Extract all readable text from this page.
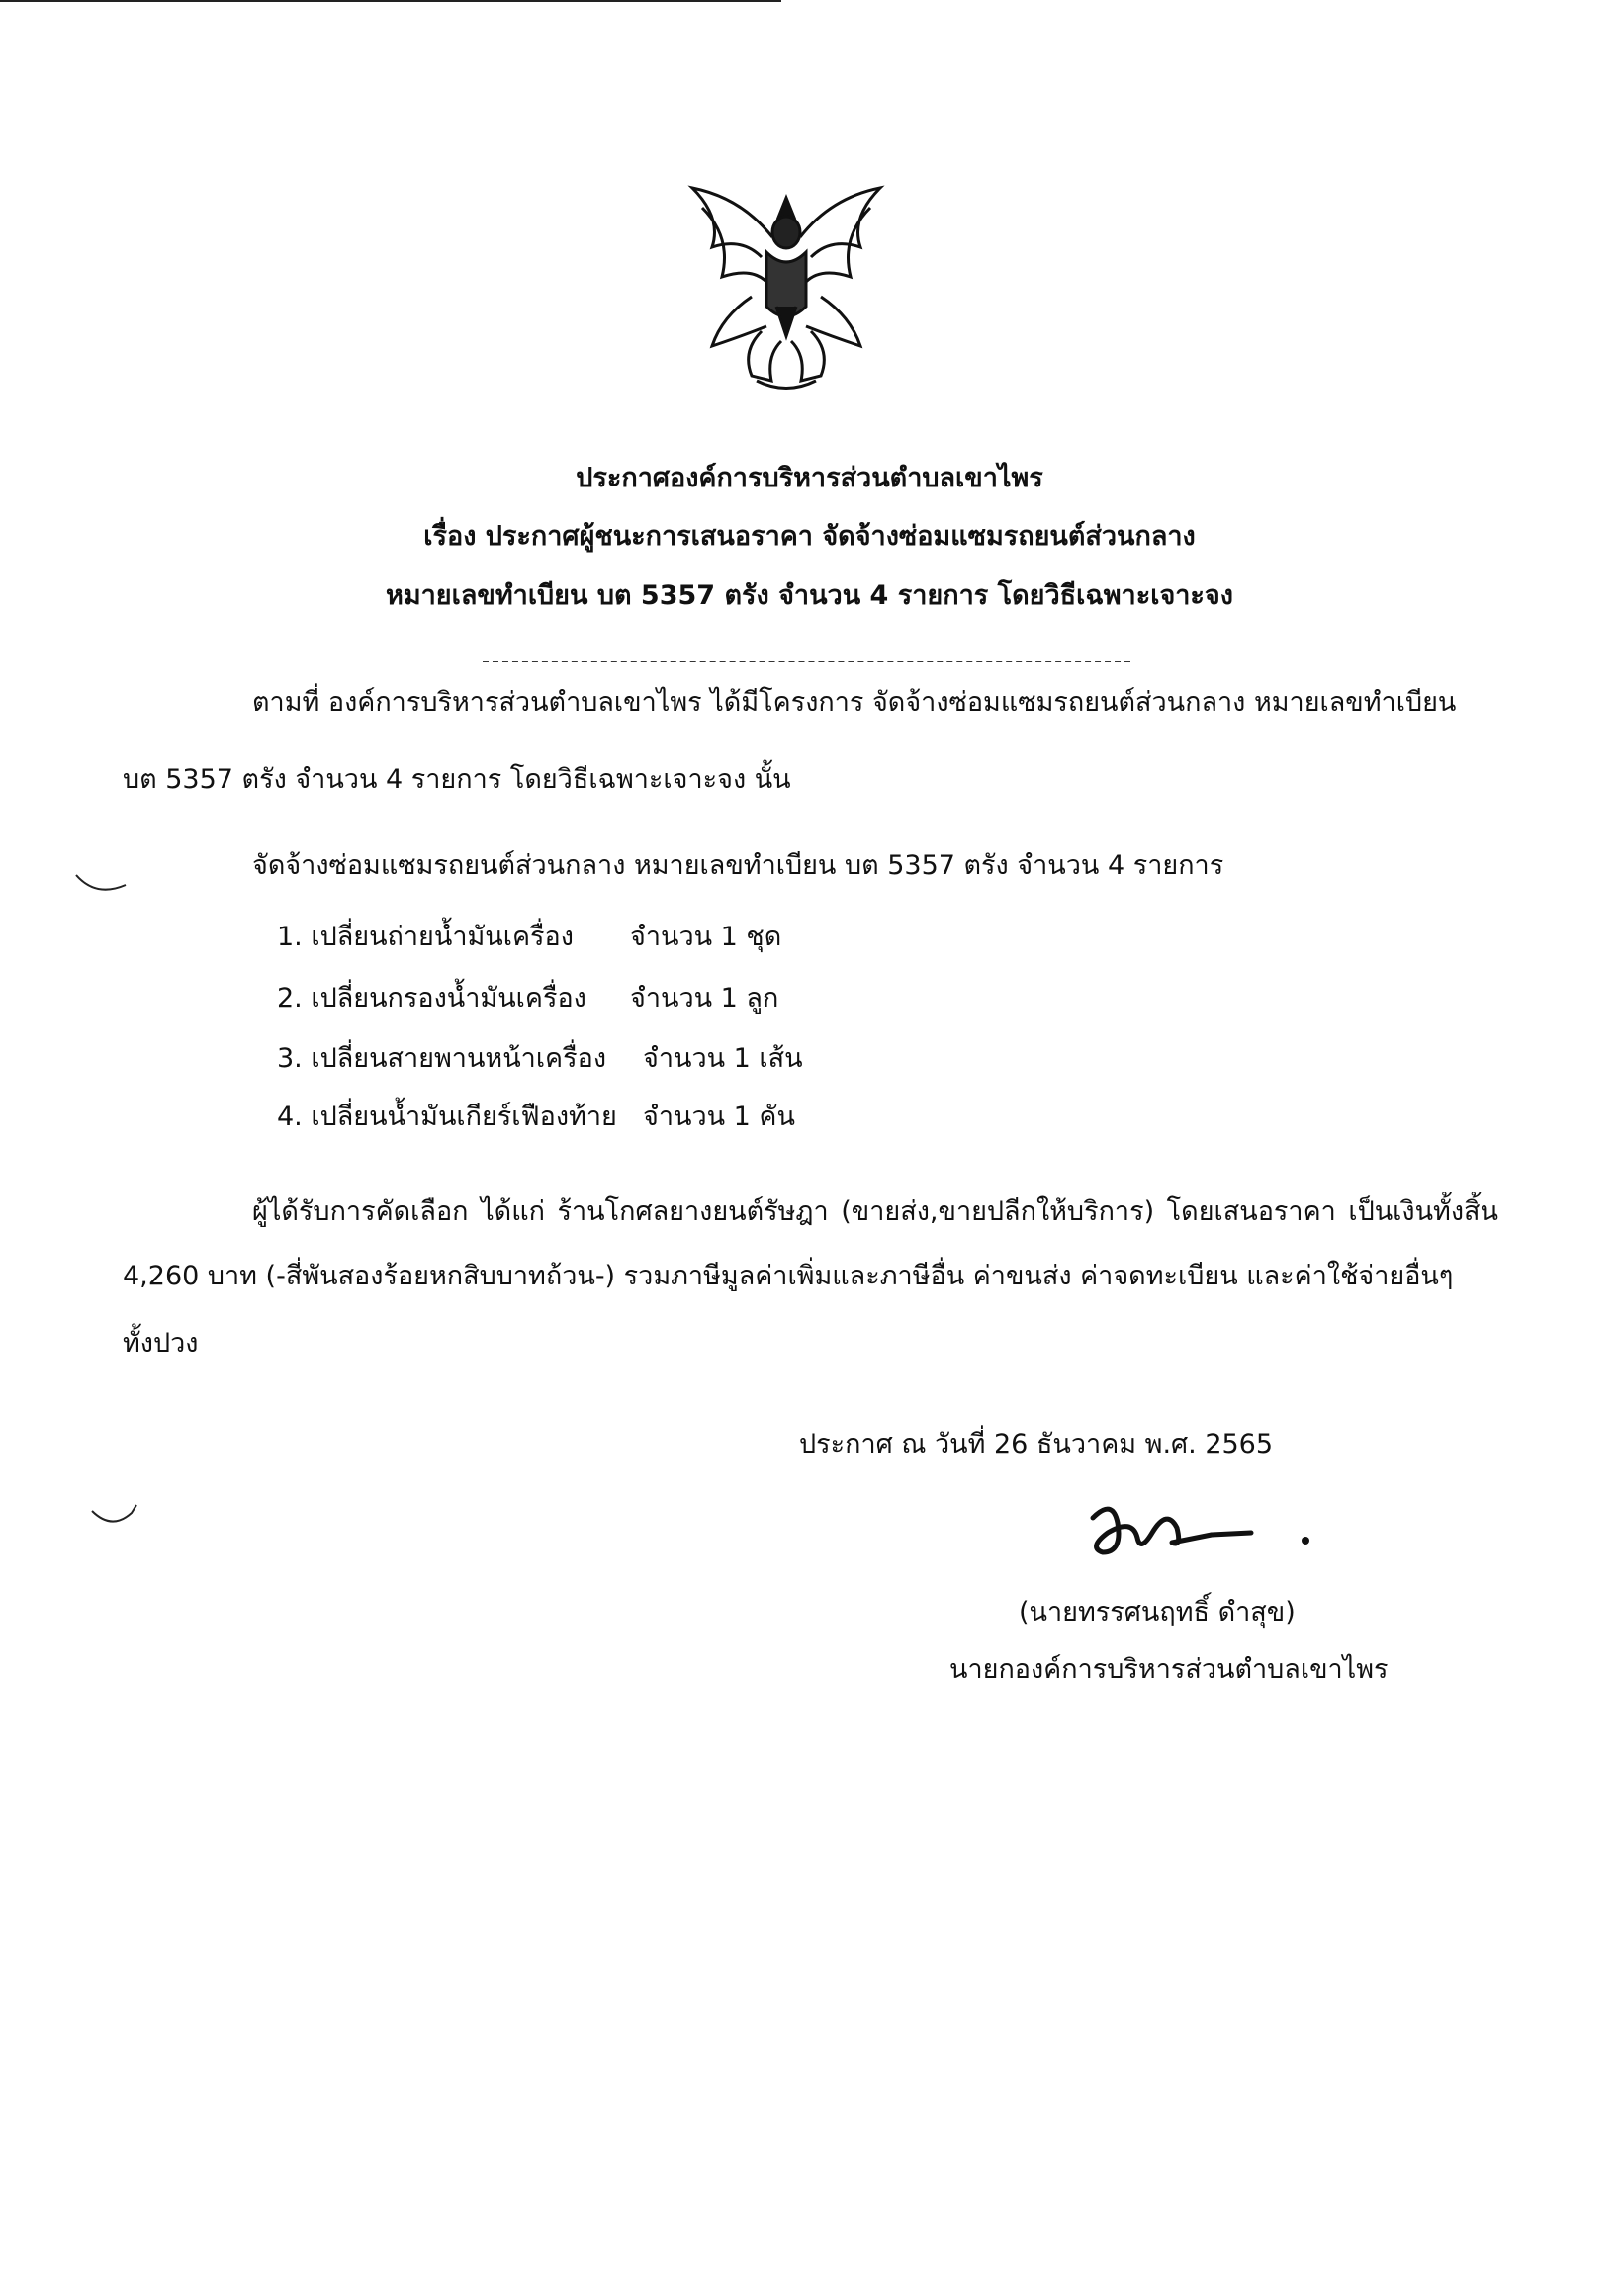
ประกาศองค์การบริหารส่วนตำบลเขาไพร
เรื่อง ประกาศผู้ชนะการเสนอราคา จัดจ้างซ่อมแซมรถยนต์ส่วนกลาง
หมายเลขทำเบียน บต 5357 ตรัง จำนวน 4 รายการ โดยวิธีเฉพาะเจาะจง
ตามที่ องค์การบริหารส่วนตำบลเขาไพร ได้มีโครงการ จัดจ้างซ่อมแซมรถยนต์ส่วนกลาง หมายเลขทำเบียน
บต 5357 ตรัง จำนวน 4 รายการ โดยวิธีเฉพาะเจาะจง นั้น
จัดจ้างซ่อมแซมรถยนต์ส่วนกลาง หมายเลขทำเบียน บต 5357 ตรัง จำนวน 4 รายการ
1. เปลี่ยนถ่ายน้ำมันเครื่อง จำนวน 1 ชุด
2. เปลี่ยนกรองน้ำมันเครื่อง จำนวน 1 ลูก
3. เปลี่ยนสายพานหน้าเครื่อง จำนวน 1 เส้น
4. เปลี่ยนน้ำมันเกียร์เฟืองท้าย จำนวน 1 คัน
ผู้ได้รับการคัดเลือก ได้แก่ ร้านโกศลยางยนต์รัษฎา (ขายส่ง,ขายปลีกให้บริการ) โดยเสนอราคา เป็นเงินทั้งสิ้น
4,260 บาท (-สี่พันสองร้อยหกสิบบาทถ้วน-) รวมภาษีมูลค่าเพิ่มและภาษีอื่น ค่าขนส่ง ค่าจดทะเบียน และค่าใช้จ่ายอื่นๆ
ทั้งปวง
ประกาศ ณ วันที่ 26 ธันวาคม พ.ศ. 2565
(นายทรรศนฤทธิ์ ดำสุข)
นายกองค์การบริหารส่วนตำบลเขาไพร
